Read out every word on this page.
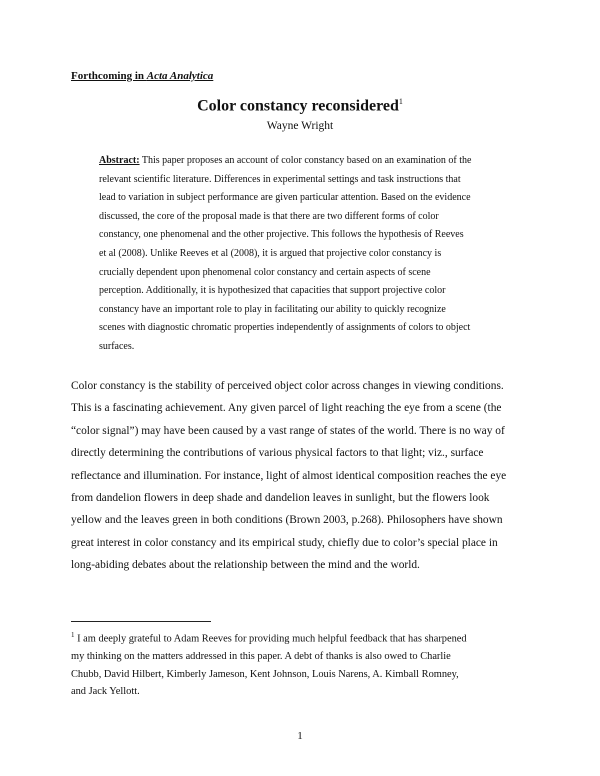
Forthcoming in Acta Analytica
Color constancy reconsidered$^1$
Wayne Wright
Abstract: This paper proposes an account of color constancy based on an examination of the
relevant scientific literature. Differences in experimental settings and task instructions that
lead to variation in subject performance are given particular attention. Based on the evidence
discussed, the core of the proposal made is that there are two different forms of color
constancy, one phenomenal and the other projective. This follows the hypothesis of Reeves
et al (2008). Unlike Reeves et al (2008), it is argued that projective color constancy is
crucially dependent upon phenomenal color constancy and certain aspects of scene
perception. Additionally, it is hypothesized that capacities that support projective color
constancy have an important role to play in facilitating our ability to quickly recognize
scenes with diagnostic chromatic properties independently of assignments of colors to object
surfaces.
Color constancy is the stability of perceived object color across changes in viewing conditions.
This is a fascinating achievement. Any given parcel of light reaching the eye from a scene (the
“color signal”) may have been caused by a vast range of states of the world. There is no way of
directly determining the contributions of various physical factors to that light; viz., surface
reflectance and illumination. For instance, light of almost identical composition reaches the eye
from dandelion flowers in deep shade and dandelion leaves in sunlight, but the flowers look
yellow and the leaves green in both conditions (Brown 2003, p.268). Philosophers have shown
great interest in color constancy and its empirical study, chiefly due to color’s special place in
long-abiding debates about the relationship between the mind and the world.
$^1$ I am deeply grateful to Adam Reeves for providing much helpful feedback that has sharpened
my thinking on the matters addressed in this paper. A debt of thanks is also owed to Charlie
Chubb, David Hilbert, Kimberly Jameson, Kent Johnson, Louis Narens, A. Kimball Romney,
and Jack Yellott.
1
